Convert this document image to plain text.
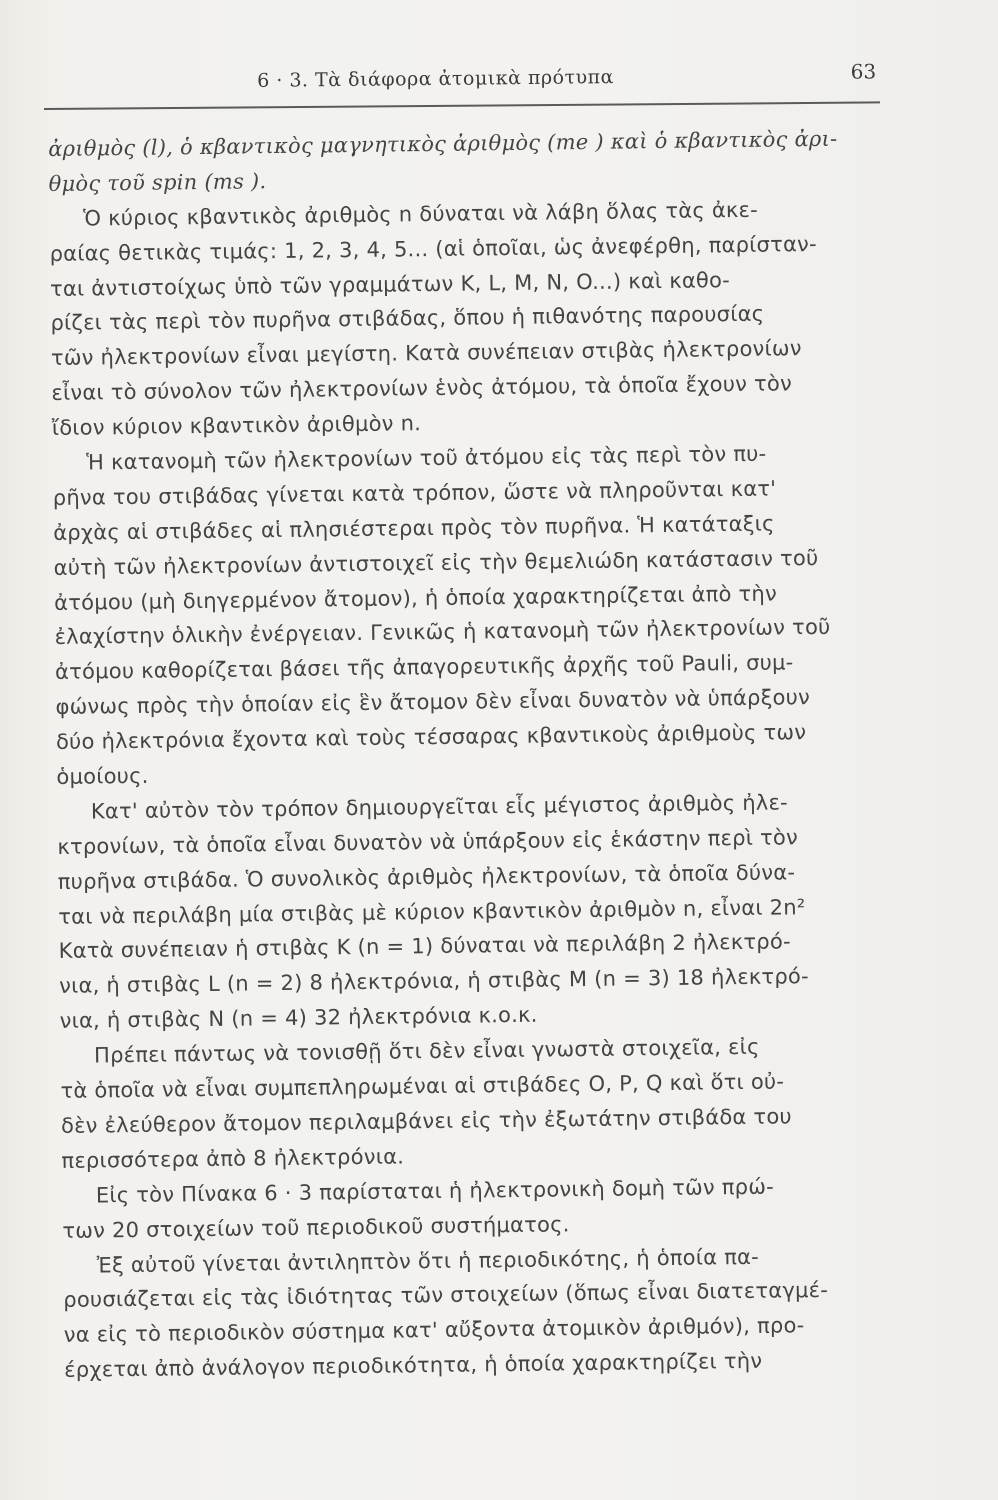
6 · 3. Τὰ διάφορα ἀτομικὰ πρότυπα	63
ἀριθμὸς (l), ὁ κβαντικὸς μαγνητικὸς ἀριθμὸς (me ) καὶ ὁ κβαντικὸς ἀρι-
θμὸς τοῦ spin (ms ).
Ὁ κύριος κβαντικὸς ἀριθμὸς n δύναται νὰ λάβη ὅλας τὰς ἀκε-
ραίας θετικὰς τιμάς: 1, 2, 3, 4, 5... (αἱ ὁποῖαι, ὡς ἀνεφέρθη, παρίσταν-
ται ἀντιστοίχως ὑπὸ τῶν γραμμάτων K, L, M, N, O...) καὶ καθο-
ρίζει τὰς περὶ τὸν πυρῆνα στιβάδας, ὅπου ἡ πιθανότης παρουσίας
τῶν ἠλεκτρονίων εἶναι μεγίστη. Κατὰ συνέπειαν στιβὰς ἠλεκτρονίων
εἶναι τὸ σύνολον τῶν ἠλεκτρονίων ἑνὸς ἀτόμου, τὰ ὁποῖα ἔχουν τὸν
ἴδιον κύριον κβαντικὸν ἀριθμὸν n.
Ἡ κατανομὴ τῶν ἠλεκτρονίων τοῦ ἀτόμου εἰς τὰς περὶ τὸν πυ-
ρῆνα του στιβάδας γίνεται κατὰ τρόπον, ὥστε νὰ πληροῦνται κατ'
ἀρχὰς αἱ στιβάδες αἱ πλησιέστεραι πρὸς τὸν πυρῆνα. Ἡ κατάταξις
αὐτὴ τῶν ἠλεκτρονίων ἀντιστοιχεῖ εἰς τὴν θεμελιώδη κατάστασιν τοῦ
ἀτόμου (μὴ διηγερμένον ἄτομον), ἡ ὁποία χαρακτηρίζεται ἀπὸ τὴν
ἐλαχίστην ὁλικὴν ἐνέργειαν. Γενικῶς ἡ κατανομὴ τῶν ἠλεκτρονίων τοῦ
ἀτόμου καθορίζεται βάσει τῆς ἀπαγορευτικῆς ἀρχῆς τοῦ Pauli, συμ-
φώνως πρὸς τὴν ὁποίαν εἰς ἓν ἄτομον δὲν εἶναι δυνατὸν νὰ ὑπάρξουν
δύο ἠλεκτρόνια ἔχοντα καὶ τοὺς τέσσαρας κβαντικοὺς ἀριθμοὺς των
ὁμοίους.
Κατ' αὐτὸν τὸν τρόπον δημιουργεῖται εἷς μέγιστος ἀριθμὸς ἠλε-
κτρονίων, τὰ ὁποῖα εἶναι δυνατὸν νὰ ὑπάρξουν εἰς ἑκάστην περὶ τὸν
πυρῆνα στιβάδα. Ὁ συνολικὸς ἀριθμὸς ἠλεκτρονίων, τὰ ὁποῖα δύνα-
ται νὰ περιλάβη μία στιβὰς μὲ κύριον κβαντικὸν ἀριθμὸν n, εἶναι 2n²
Κατὰ συνέπειαν ἡ στιβὰς K (n = 1) δύναται νὰ περιλάβη 2 ἠλεκτρό-
νια, ἡ στιβὰς L (n = 2) 8 ἠλεκτρόνια, ἡ στιβὰς M (n = 3) 18 ἠλεκτρό-
νια, ἡ στιβὰς N (n = 4) 32 ἠλεκτρόνια κ.ο.κ.
Πρέπει πάντως νὰ τονισθῇ ὅτι δὲν εἶναι γνωστὰ στοιχεῖα, εἰς
τὰ ὁποῖα νὰ εἶναι συμπεπληρωμέναι αἱ στιβάδες O, P, Q καὶ ὅτι οὐ-
δὲν ἐλεύθερον ἄτομον περιλαμβάνει εἰς τὴν ἐξωτάτην στιβάδα του
περισσότερα ἀπὸ 8 ἠλεκτρόνια.
Εἰς τὸν Πίνακα 6 · 3 παρίσταται ἡ ἠλεκτρονικὴ δομὴ τῶν πρώ-
των 20 στοιχείων τοῦ περιοδικοῦ συστήματος.
Ἐξ αὐτοῦ γίνεται ἀντιληπτὸν ὅτι ἡ περιοδικότης, ἡ ὁποία πα-
ρουσιάζεται εἰς τὰς ἰδιότητας τῶν στοιχείων (ὅπως εἶναι διατεταγμέ-
να εἰς τὸ περιοδικὸν σύστημα κατ' αὔξοντα ἀτομικὸν ἀριθμόν), προ-
έρχεται ἀπὸ ἀνάλογον περιοδικότητα, ἡ ὁποία χαρακτηρίζει τὴν
